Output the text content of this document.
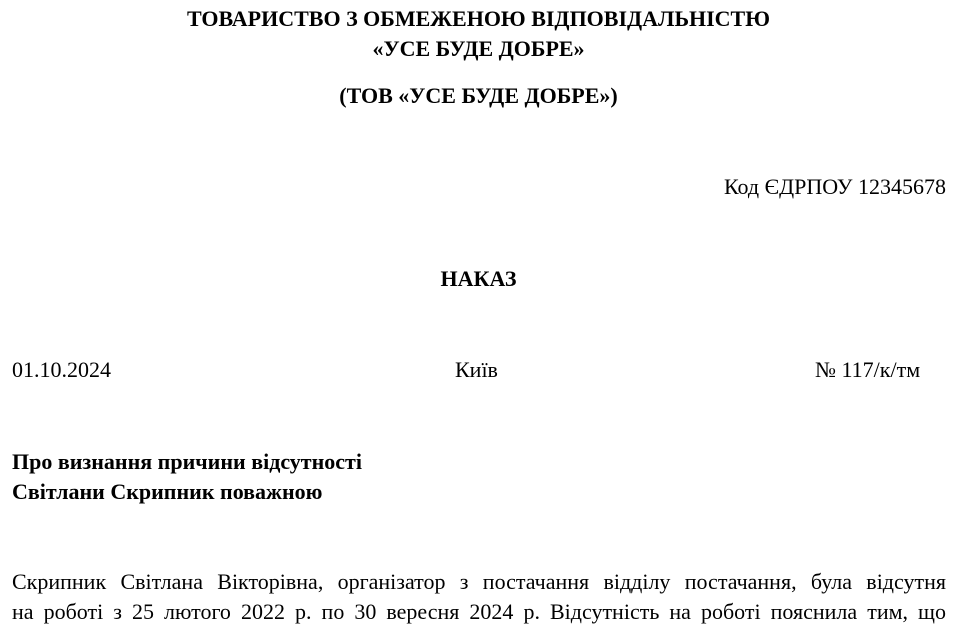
ТОВАРИСТВО З ОБМЕЖЕНОЮ ВІДПОВІДАЛЬНІСТЮ
«УСЕ БУДЕ ДОБРЕ»
(ТОВ «УСЕ БУДЕ ДОБРЕ»)
Код ЄДРПОУ 12345678
НАКАЗ
01.10.2024	Київ	№ 117/к/тм
Про визнання причини відсутності
Світлани Скрипник поважною
Скрипник Світлана Вікторівна, організатор з постачання відділу постачання, була відсутня
на роботі з 25 лютого 2022 р. по 30 вересня 2024 р. Відсутність на роботі пояснила тим, що
